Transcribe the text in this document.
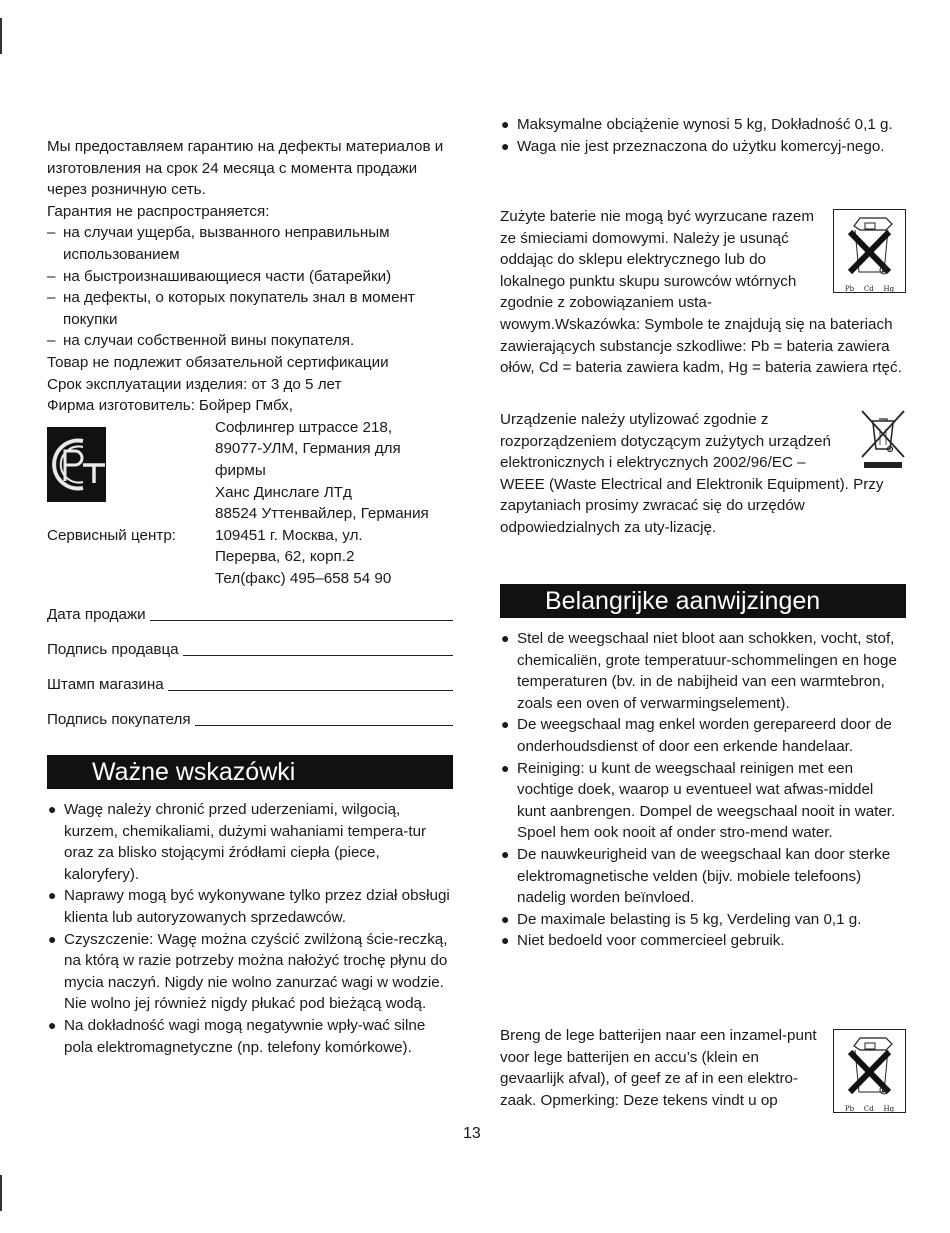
Мы предоставляем гарантию на дефекты материалов и изготовления на срок 24 месяца с момента продажи через розничную сеть.

Гарантия не распространяется:

– на случаи ущерба, вызванного неправильным использованием
– на быстроизнашивающиеся части (батарейки)
– на дефекты, о которых покупатель знал в момент покупки
– на случаи собственной вины покупателя.

Товар не подлежит обязательной сертификации

Срок эксплуатации изделия: от 3 до 5 лет

Фирма изготовитель: Бойрер Гмбх,
Софлингер штрассе 218,
89077-УЛМ, Германия для
фирмы
Ханс Динслаге ЛТд
88524 Уттенвайлер, Германия
Сервисный центр:	109451 г. Москва, ул.
Перерва, 62, корп.2
Тел(факс) 495–658 54 90
Дата продажи
Подпись продавца
Штамп магазина
Подпись покупателя
Ważne wskazówki
● Wagę należy chronić przed uderzeniami, wilgocią, kurzem, chemikaliami, dużymi wahaniami tempera-tur oraz za blisko stojącymi źródłami ciepła (piece, kaloryfery).
● Naprawy mogą być wykonywane tylko przez dział obsługi klienta lub autoryzowanych sprzedawców.
● Czyszczenie: Wagę można czyścić zwilżoną ście-reczką, na którą w razie potrzeby można nałożyć trochę płynu do mycia naczyń. Nigdy nie wolno zanurzać wagi w wodzie. Nie wolno jej również nigdy płukać pod bieżącą wodą.
● Na dokładność wagi mogą negatywnie wpły-wać silne pola elektromagnetyczne (np. telefony komórkowe).
● Maksymalne obciążenie wynosi 5 kg, Dokładność 0,1 g.
● Waga nie jest przeznaczona do użytku komercyj-nego.
Pb Cd Hg

Zużyte baterie nie mogą być wyrzucane razem ze śmieciami domowymi. Należy je usunąć oddając do sklepu elektrycznego lub do lokalnego punktu skupu surowców wtórnych zgodnie z zobowiązaniem usta-wowym.Wskazówka: Symbole te znajdują się na bateriach zawierających substancje szkodliwe: Pb = bateria zawiera ołów, Cd = bateria zawiera kadm, Hg = bateria zawiera rtęć.

Urządzenie należy utylizować zgodnie z rozporządzeniem dotyczącym zużytych urządzeń elektronicznych i elektrycznych 2002/96/EC – WEEE (Waste Electrical and Elektronik Equipment). Przy zapytaniach prosimy zwracać się do urzędów odpowiedzialnych za uty-lizację.

Belangrijke aanwijzingen
● Stel de weegschaal niet bloot aan schokken, vocht, stof, chemicaliën, grote temperatuur-schommelingen en hoge temperaturen (bv. in de nabijheid van een warmtebron, zoals een oven of verwarmingselement).
● De weegschaal mag enkel worden gerepareerd door de onderhoudsdienst of door een erkende handelaar.
● Reiniging: u kunt de weegschaal reinigen met een vochtige doek, waarop u eventueel wat afwas-middel kunt aanbrengen. Dompel de weegschaal nooit in water. Spoel hem ook nooit af onder stro-mend water.
● De nauwkeurigheid van de weegschaal kan door sterke elektromagnetische velden (bijv. mobiele telefoons) nadelig worden beïnvloed.
● De maximale belasting is 5 kg, Verdeling van 0,1 g.
● Niet bedoeld voor commercieel gebruik.
Pb Cd Hg

Breng de lege batterijen naar een inzamel-punt voor lege batterijen en accu’s (klein en gevaarlijk afval), of geef ze af in een elektro-zaak. Opmerking: Deze tekens vindt u op

13
